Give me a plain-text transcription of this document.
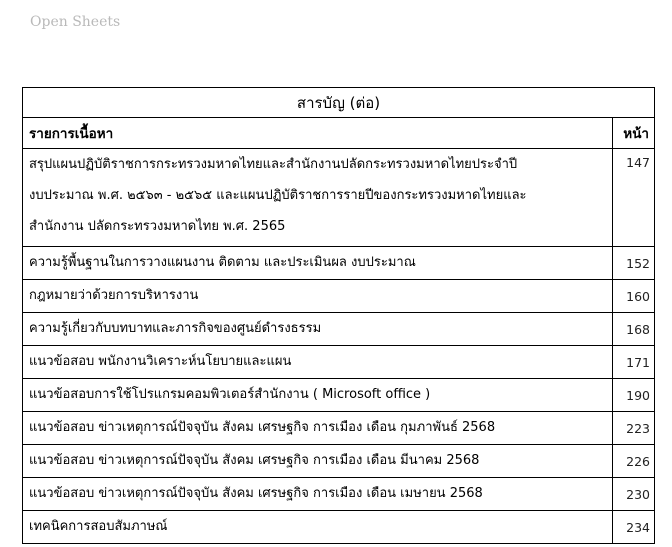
Open Sheets
สารบัญ (ต่อ)	
รายการเนื้อหา	หน้า

สรุปแผนปฏิบัติราชการกระทรวงมหาดไทยและสำนักงานปลัดกระทรวงมหาดไทยประจำปี
งบประมาณ พ.ศ. ๒๕๖๓ - ๒๕๖๕ และแผนปฏิบัติราชการรายปีของกระทรวงมหาดไทยและ
สำนักงาน ปลัดกระทรวงมหาดไทย พ.ศ. 2565	147
ความรู้พื้นฐานในการวางแผนงาน ติดตาม และประเมินผล งบประมาณ	152
กฎหมายว่าด้วยการบริหารงาน	160
ความรู้เกี่ยวกับบทบาทและภารกิจของศูนย์ดำรงธรรม	168
แนวข้อสอบ พนักงานวิเคราะห์นโยบายและแผน	171
แนวข้อสอบการใช้โปรแกรมคอมพิวเตอร์สำนักงาน ( Microsoft office )	190
แนวข้อสอบ ข่าวเหตุการณ์ปัจจุบัน สังคม เศรษฐกิจ การเมือง เดือน กุมภาพันธ์ 2568	223
แนวข้อสอบ ข่าวเหตุการณ์ปัจจุบัน สังคม เศรษฐกิจ การเมือง เดือน มีนาคม 2568	226
แนวข้อสอบ ข่าวเหตุการณ์ปัจจุบัน สังคม เศรษฐกิจ การเมือง เดือน เมษายน 2568	230
เทคนิคการสอบสัมภาษณ์	234
